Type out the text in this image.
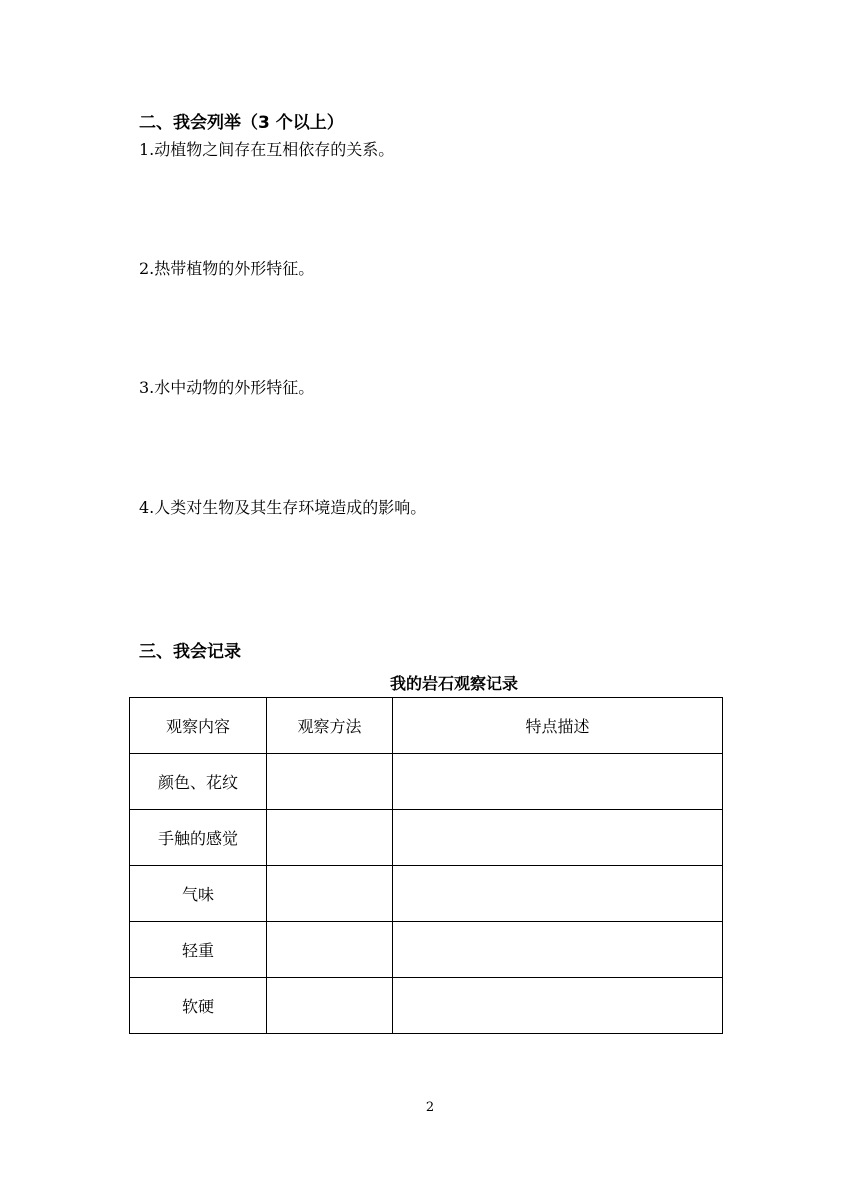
二、我会列举（3 个以上）
1.动植物之间存在互相依存的关系。
2.热带植物的外形特征。
3.水中动物的外形特征。
4.人类对生物及其生存环境造成的影响。
三、我会记录
我的岩石观察记录
观察内容	观察方法	特点描述
颜色、花纹		
手触的感觉		
气味		
轻重		
软硬		
2
